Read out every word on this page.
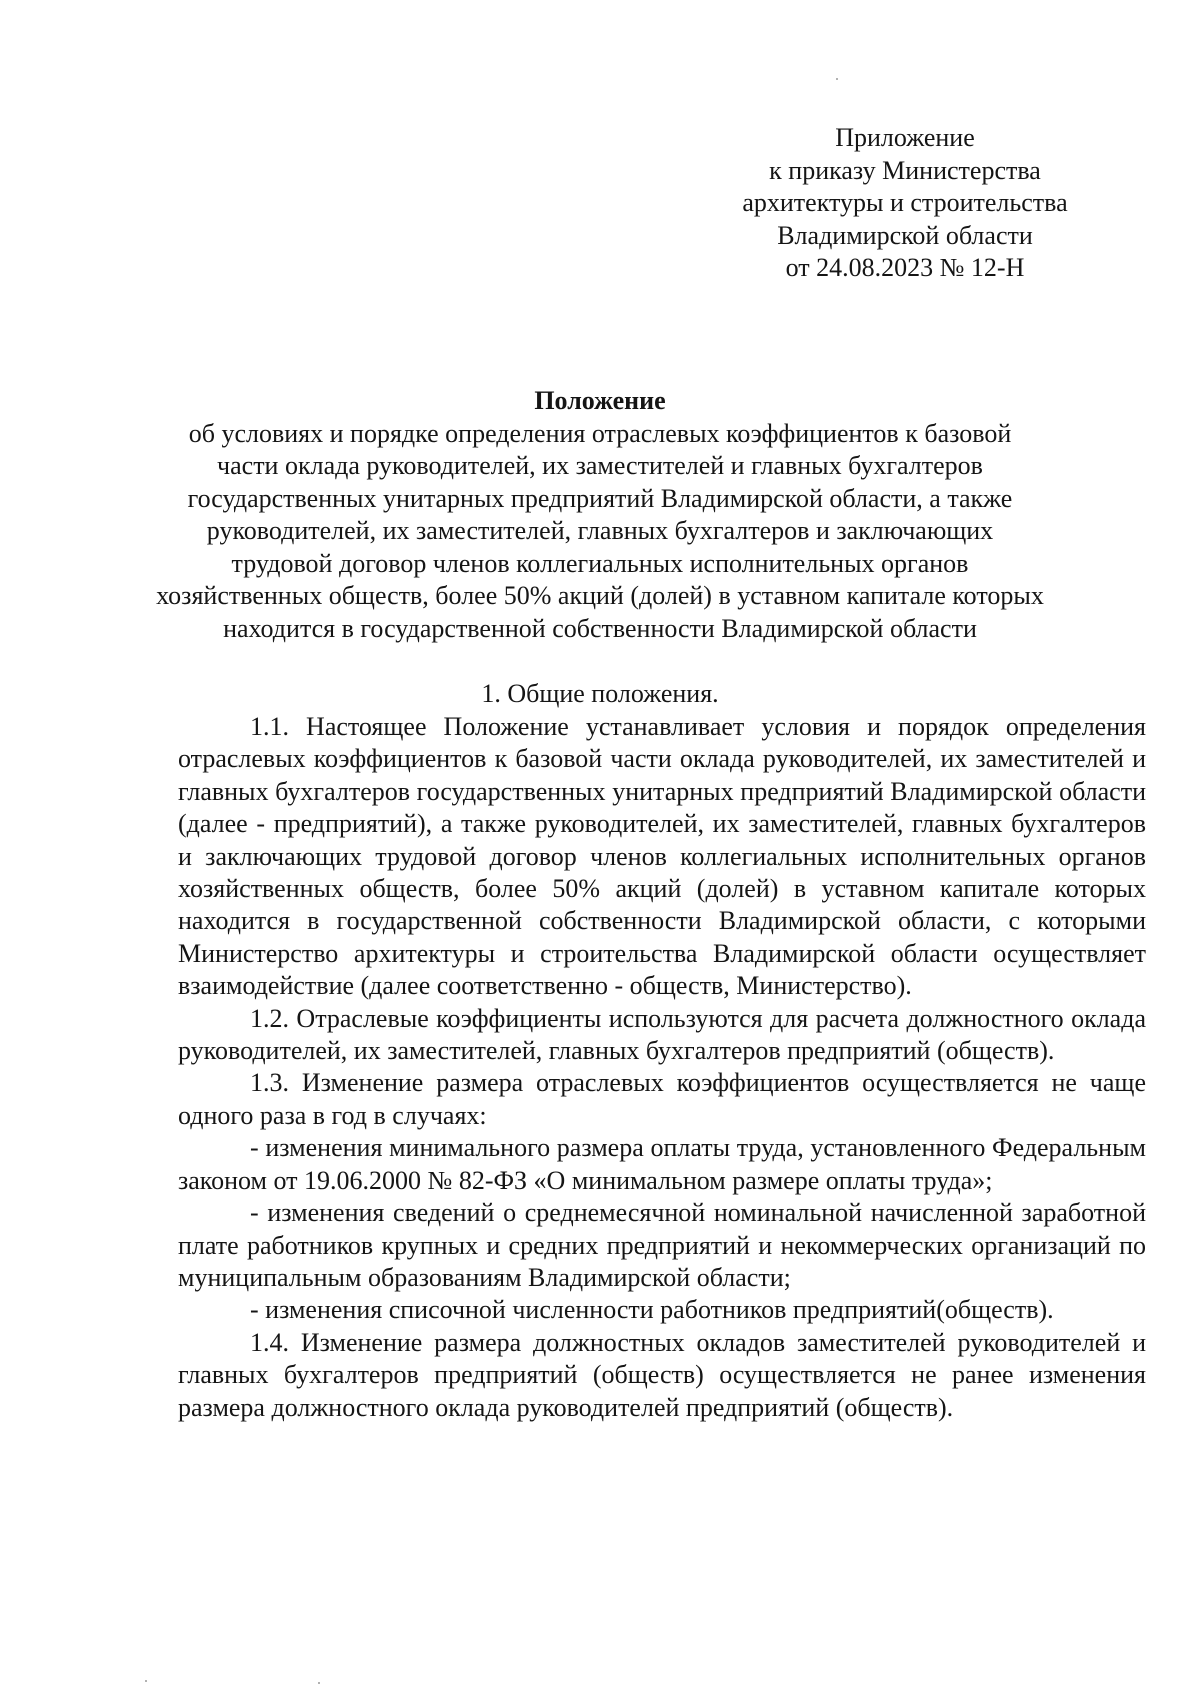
Приложение
к приказу Министерства
архитектуры и строительства
Владимирской области
от 24.08.2023 № 12-Н
Положение
об условиях и порядке определения отраслевых коэффициентов к базовой
части оклада руководителей, их заместителей и главных бухгалтеров
государственных унитарных предприятий Владимирской области, а также
руководителей, их заместителей, главных бухгалтеров и заключающих
трудовой договор членов коллегиальных исполнительных органов
хозяйственных обществ, более 50% акций (долей) в уставном капитале которых
находится в государственной собственности Владимирской области
1. Общие положения.

1.1. Настоящее Положение устанавливает условия и порядок определения отраслевых коэффициентов к базовой части оклада руководителей, их заместителей и главных бухгалтеров государственных унитарных предприятий Владимирской области (далее - предприятий), а также руководителей, их заместителей, главных бухгалтеров и заключающих трудовой договор членов коллегиальных исполнительных органов хозяйственных обществ, более 50% акций (долей) в уставном капитале которых находится в государственной собственности Владимирской области, с которыми Министерство архитектуры и строительства Владимирской области осуществляет взаимодействие (далее соответственно - обществ, Министерство).

1.2. Отраслевые коэффициенты используются для расчета должностного оклада руководителей, их заместителей, главных бухгалтеров предприятий (обществ).

1.3. Изменение размера отраслевых коэффициентов осуществляется не чаще одного раза в год в случаях:

- изменения минимального размера оплаты труда, установленного Федеральным законом от 19.06.2000 № 82-ФЗ «О минимальном размере оплаты труда»;

- изменения сведений о среднемесячной номинальной начисленной заработной плате работников крупных и средних предприятий и некоммерческих организаций по муниципальным образованиям Владимирской области;

- изменения списочной численности работников предприятий(обществ).

1.4. Изменение размера должностных окладов заместителей руководителей и главных бухгалтеров предприятий (обществ) осуществляется не ранее изменения размера должностного оклада руководителей предприятий (обществ).
